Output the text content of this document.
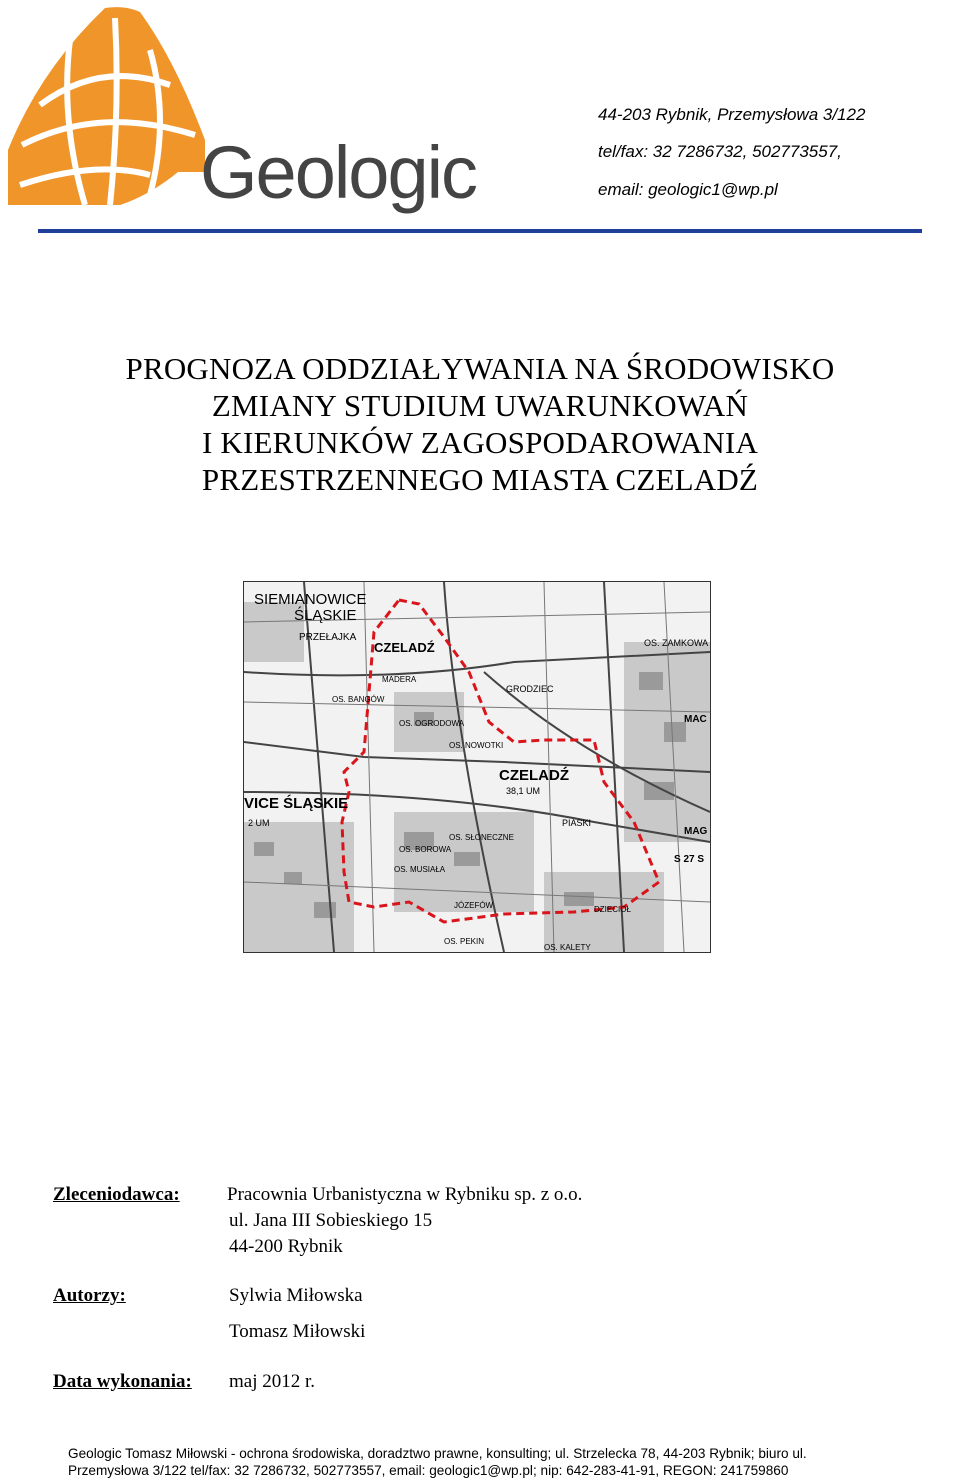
Geologic
44-203 Rybnik, Przemysłowa 3/122
tel/fax: 32 7286732, 502773557,
email: geologic1@wp.pl
PROGNOZA ODDZIAŁYWANIA NA ŚRODOWISKO
ZMIANY STUDIUM UWARUNKOWAŃ
I KIERUNKÓW ZAGOSPODAROWANIA
PRZESTRZENNEGO MIASTA CZELADŹ
SIEMIANOWICE
ŚLĄSKIE
CZELADŹ
CZELADŹ
38,1 UM
VICE ŚLĄSKIE
2 UM
GRODZIEC
PIASKI
MADERA
OS. BANGÓW
OS. OGRODOWA
OS. NOWOTKI
OS. SŁONECZNE
OS. BOROWA
OS. MUSIAŁA
JÓZEFÓW
OS. PEKIN
OS. KALETY
OS. ZAMKOWA
DZIECIOŁ
PRZEŁAJKA
MAC
S 27 S
MAG
Zleceniodawca: Pracownia Urbanistyczna w Rybniku sp. z o.o.
ul. Jana III Sobieskiego 15
44-200 Rybnik
Autorzy:	Sylwia Miłowska
Tomasz Miłowski
Data wykonania: maj 2012 r.
Geologic Tomasz Miłowski - ochrona środowiska, doradztwo prawne, konsulting; ul. Strzelecka 78, 44-203 Rybnik; biuro ul.
Przemysłowa 3/122 tel/fax: 32 7286732, 502773557, email: geologic1@wp.pl; nip: 642-283-41-91, REGON: 241759860
